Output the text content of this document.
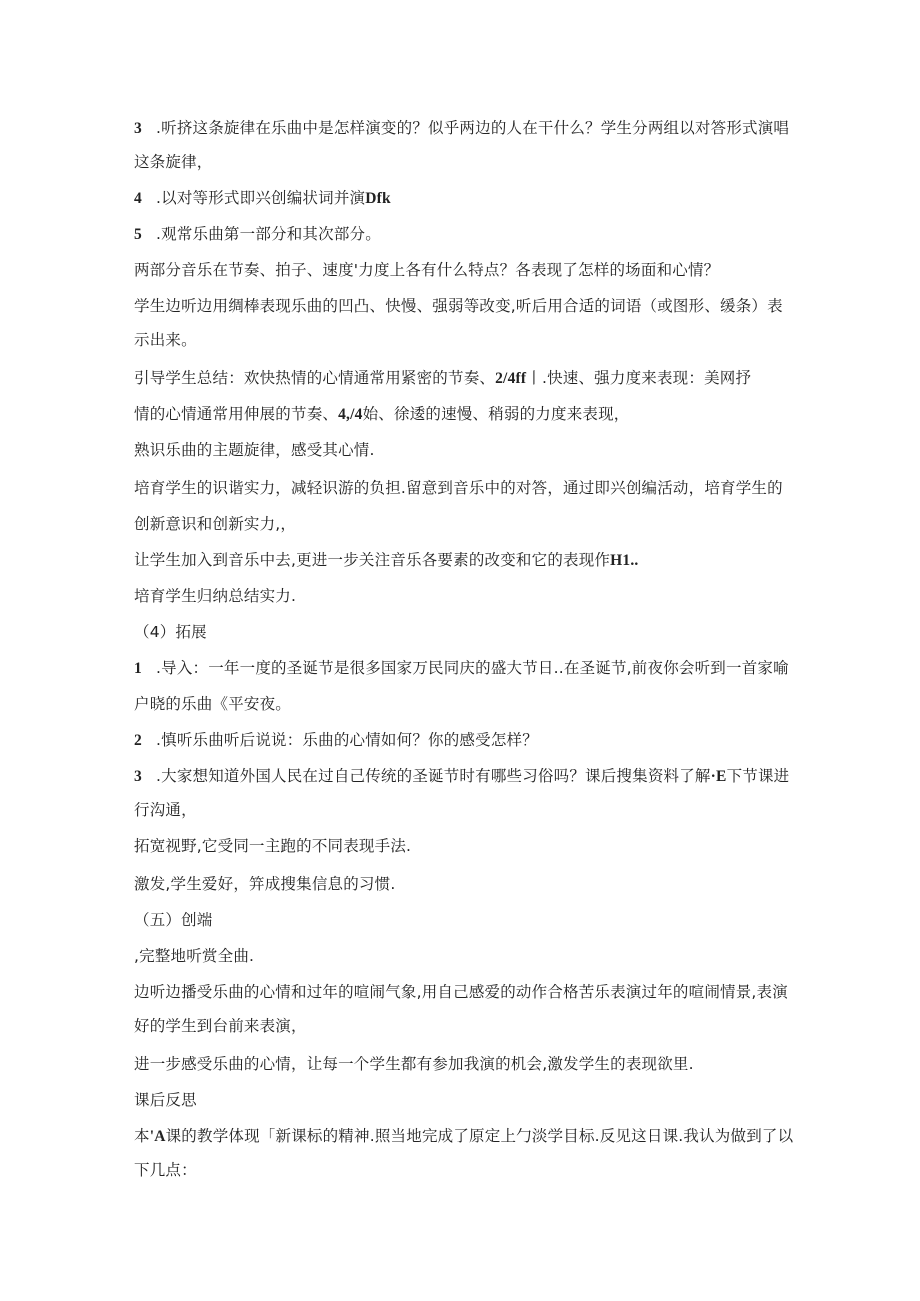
3 .听挤这条旋律在乐曲中是怎样演变的？似乎两边的人在干什么？学生分两组以对答形式演唱
这条旋律，
4 .以对等形式即兴创编状词并演Dfk
5 .观常乐曲第一部分和其次部分。
两部分音乐在节奏、拍子、速度'力度上各有什么特点？各表现了怎样的场面和心情？
学生边听边用绸棒表现乐曲的凹凸、快慢、强弱等改变,听后用合适的词语（或图形、缓条）表
示出来。
引导学生总结：欢快热情的心情通常用紧密的节奏、2/4ff丨.快速、强力度来表现：美网抒
情的心情通常用伸展的节奏、4,/4始、徐逶的速慢、稍弱的力度来表现，
熟识乐曲的主题旋律，感受其心情.
培育学生的识谐实力，减轻识游的负担.留意到音乐中的对答，通过即兴创编活动，培育学生的
创新意识和创新实力,，
让学生加入到音乐中去,更进一步关注音乐各要素的改变和它的表现作H1..
培育学生归纳总结实力.
（4）拓展
1 .导入：一年一度的圣诞节是很多国家万民同庆的盛大节日..在圣诞节,前夜你会听到一首家喻
户晓的乐曲《平安夜。
2 .慎听乐曲听后说说：乐曲的心情如何？你的感受怎样？
3 .大家想知道外国人民在过自己传统的圣诞节时有哪些习俗吗？课后搜集资料了解·E下节课进
行沟通，
拓宽视野,它受同一主跑的不同表现手法.
激发,学生爱好，笄成搜集信息的习惯.
（五）创端
,完整地听赏全曲.
边听边播受乐曲的心情和过年的喧闹气象,用自己感爱的动作合格苦乐表演过年的喧闹情景,表演
好的学生到台前来表演，
进一步感受乐曲的心情，让每一个学生都有参加我演的机会,激发学生的表现欲里.
课后反思
本'A课的教学体现「新课标的精神.照当地完成了原定上勹淡学目标.反见这日课.我认为做到了以
下几点：
